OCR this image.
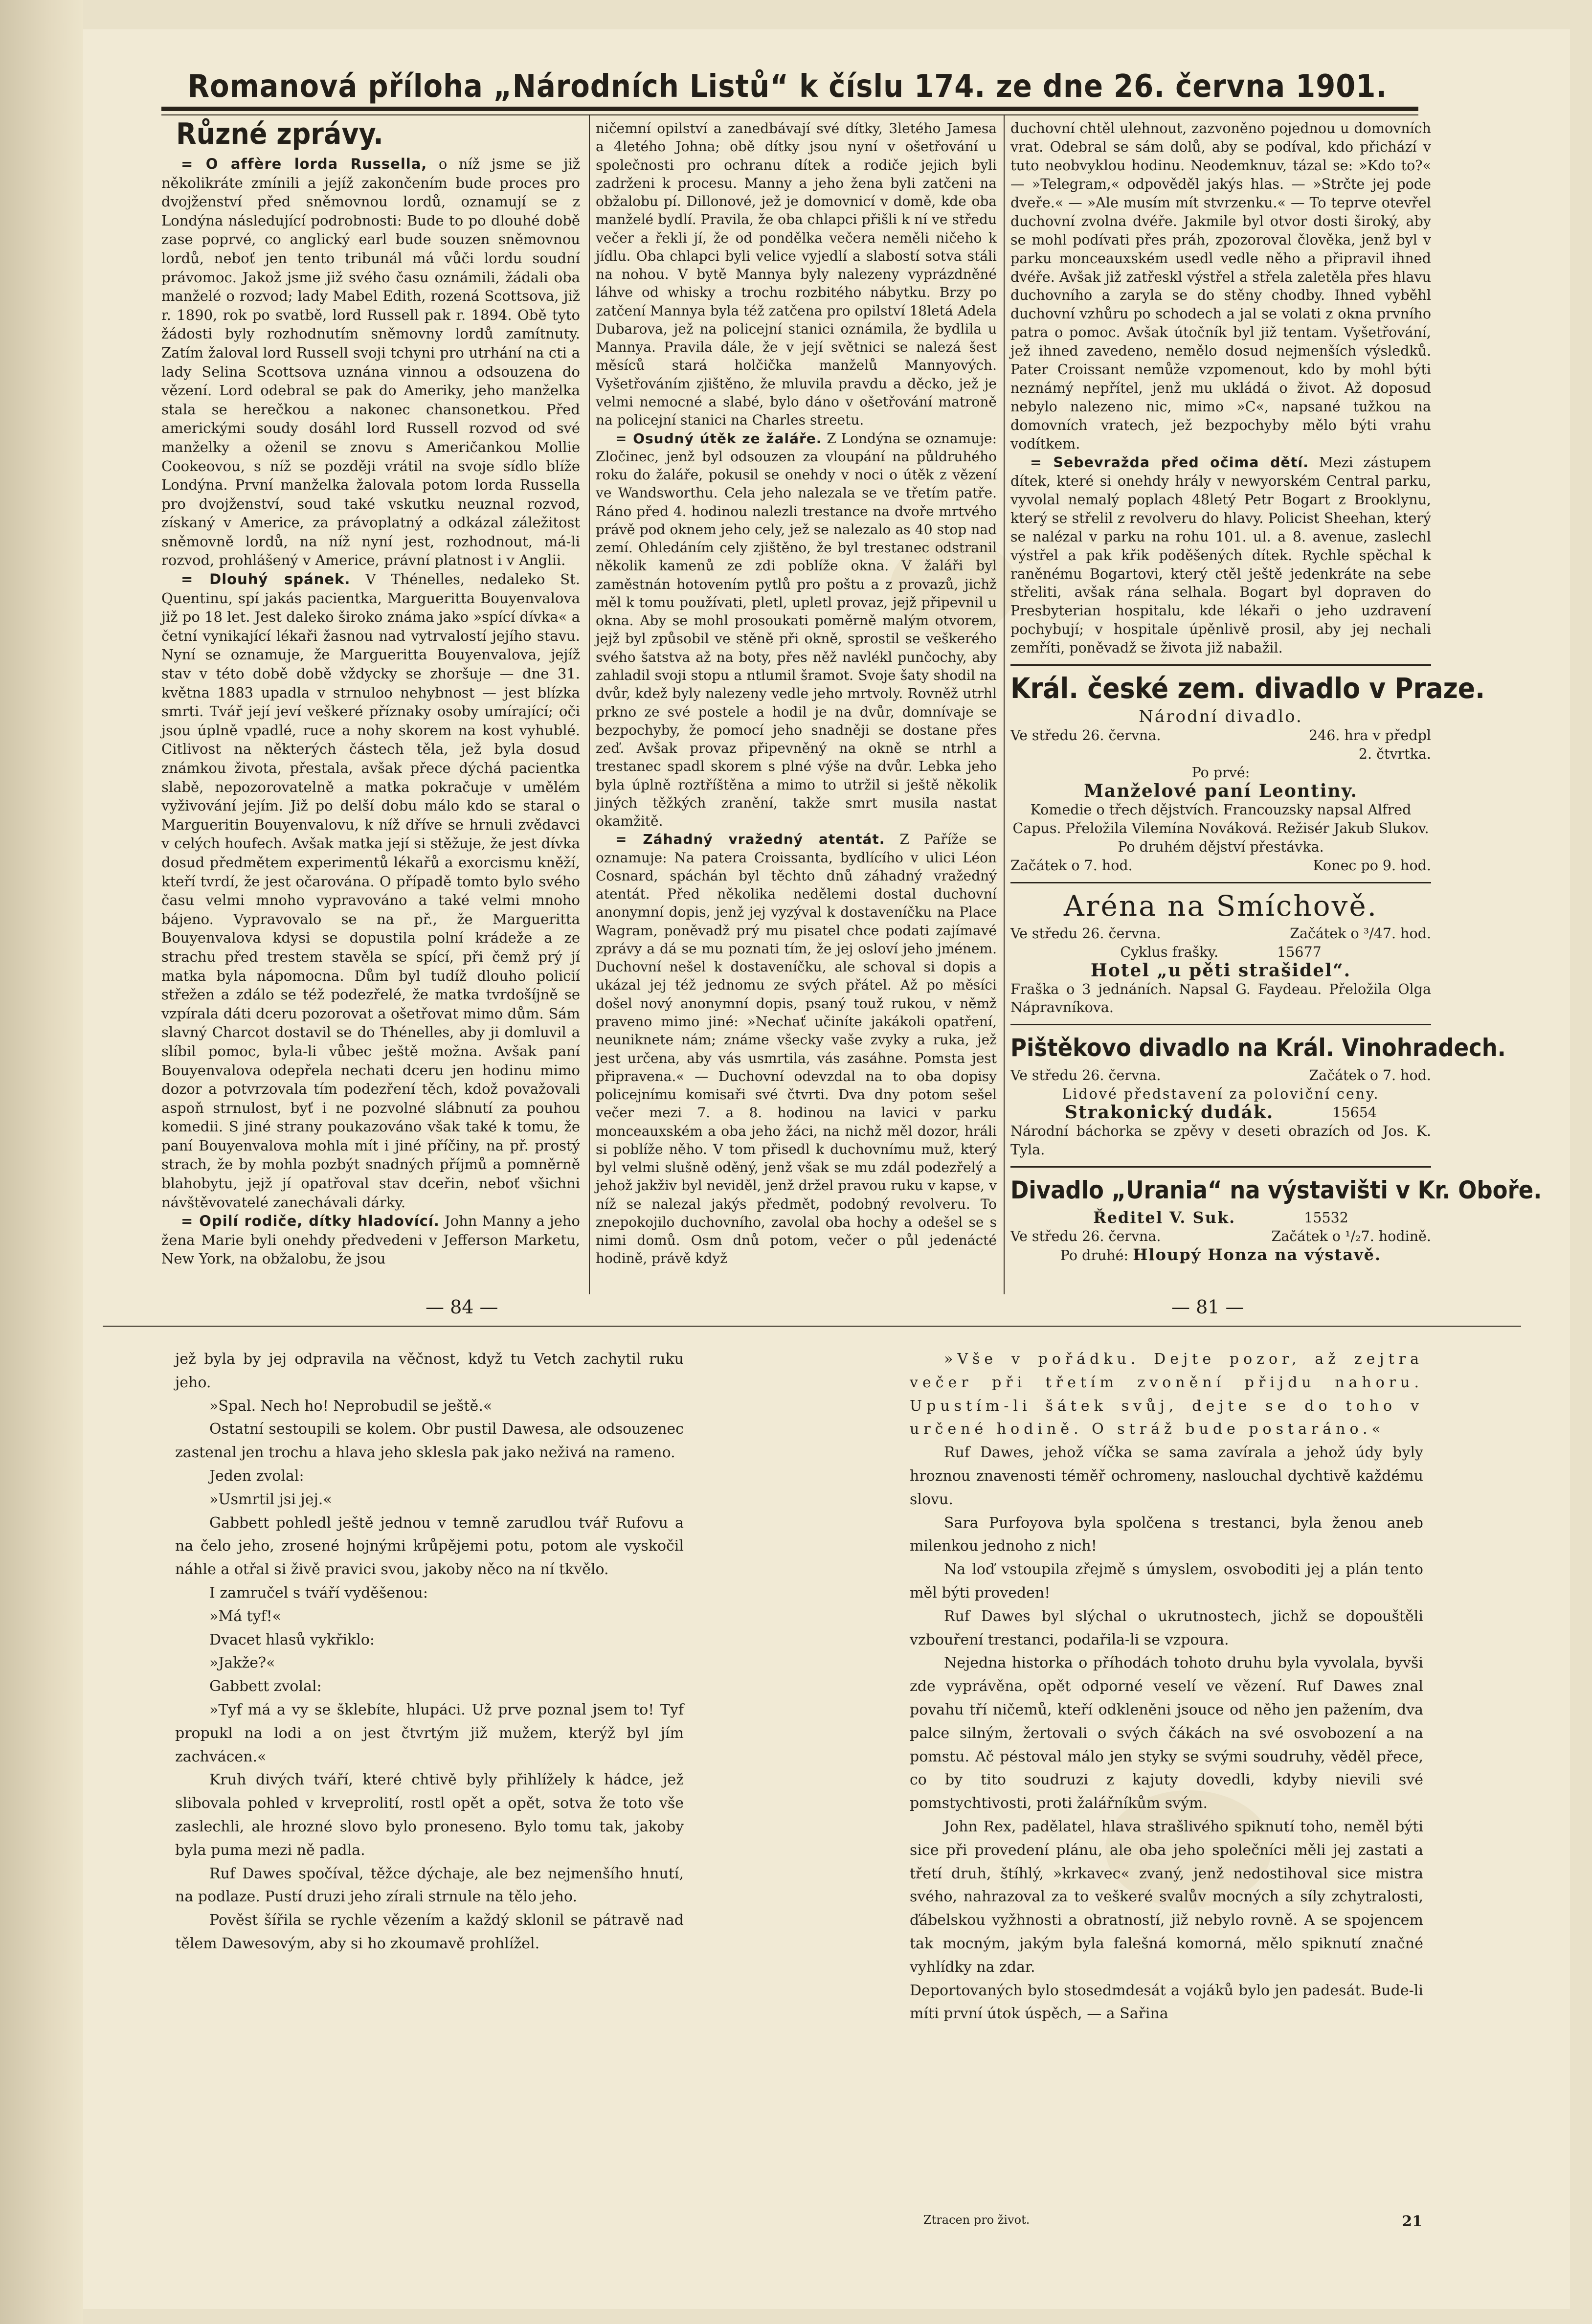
Romanová příloha „Národních Listů“ k číslu 174. ze dne 26. června 1901.
Různé zprávy.

= O affère lorda Russella, o níž jsme se již několikráte zmínili a jejíž zakončením bude proces pro dvojženství před sněmovnou lordů, oznamují se z Londýna následující podrobnosti: Bude to po dlouhé době zase poprvé, co anglický earl bude souzen sněmovnou lordů, neboť jen tento tribunál má vůči lordu soudní právomoc. Jakož jsme již svého času oznámili, žádali oba manželé o rozvod; lady Mabel Edith, rozená Scottsova, již r. 1890, rok po svatbě, lord Russell pak r. 1894. Obě tyto žádosti byly rozhodnutím sněmovny lordů zamítnuty. Zatím žaloval lord Russell svoji tchyni pro utrhání na cti a lady Selina Scottsova uznána vinnou a odsouzena do vězení. Lord odebral se pak do Ameriky, jeho manželka stala se herečkou a nakonec chansonetkou. Před americkými soudy dosáhl lord Russell rozvod od své manželky a oženil se znovu s Američankou Mollie Cookeovou, s níž se později vrátil na svoje sídlo blíže Londýna. První manželka žalovala potom lorda Russella pro dvojženství, soud také vskutku neuznal rozvod, získaný v Americe, za právoplatný a odkázal záležitost sněmovně lordů, na níž nyní jest, rozhodnout, má-li rozvod, prohlášený v Americe, právní platnost i v Anglii.

= Dlouhý spánek. V Thénelles, nedaleko St. Quentinu, spí jakás pacientka, Margueritta Bouyenvalova již po 18 let. Jest daleko široko známa jako »spící dívka« a četní vynikající lékaři žasnou nad vytrvalostí jejího stavu. Nyní se oznamuje, že Margueritta Bouyenvalova, jejíž stav v této době době vždycky se zhoršuje — dne 31. května 1883 upadla v strnuloo nehybnost — jest blízka smrti. Tvář její jeví veškeré příznaky osoby umírající; oči jsou úplně vpadlé, ruce a nohy skorem na kost vyhublé. Citlivost na některých částech těla, jež byla dosud známkou života, přestala, avšak přece dýchá pacientka slabě, nepozorovatelně a matka pokračuje v umělém vyživování jejím. Již po delší dobu málo kdo se staral o Margueritin Bouyenvalovu, k níž dříve se hrnuli zvědavci v celých houfech. Avšak matka její si stěžuje, že jest dívka dosud předmětem experimentů lékařů a exorcismu kněží, kteří tvrdí, že jest očarována. O případě tomto bylo svého času velmi mnoho vypravováno a také velmi mnoho bájeno. Vypravovalo se na př., že Margueritta Bouyenvalova kdysi se dopustila polní krádeže a ze strachu před trestem stavěla se spící, při čemž prý jí matka byla nápomocna. Dům byl tudíž dlouho policií střežen a zdálo se též podezřelé, že matka tvrdošíjně se vzpírala dáti dceru pozorovat a ošetřovat mimo dům. Sám slavný Charcot dostavil se do Thénelles, aby ji domluvil a slíbil pomoc, byla-li vůbec ještě možna. Avšak paní Bouyenvalova odepřela nechati dceru jen hodinu mimo dozor a potvrzovala tím podezření těch, kdož považovali aspoň strnulost, byť i ne pozvolné slábnutí za pouhou komedii. S jiné strany poukazováno však také k tomu, že paní Bouyenvalova mohla mít i jiné příčiny, na př. prostý strach, že by mohla pozbýt snadných příjmů a pomněrně blahobytu, jejž jí opatřoval stav dceřin, neboť všichni návštěvovatelé zanechávali dárky.

= Opilí rodiče, dítky hladovící. John Manny a jeho žena Marie byli onehdy předvedeni v Jefferson Marketu, New York, na obžalobu, že jsou

ničemní opilství a zanedbávají své dítky, 3letého Jamesa a 4letého Johna; obě dítky jsou nyní v ošetřování u společnosti pro ochranu dítek a rodiče jejich byli zadrženi k procesu. Manny a jeho žena byli zatčeni na obžalobu pí. Dillonové, jež je domovnicí v domě, kde oba manželé bydlí. Pravila, že oba chlapci přišli k ní ve středu večer a řekli jí, že od pondělka večera neměli ničeho k jídlu. Oba chlapci byli velice vyjedlí a slabostí sotva stáli na nohou. V bytě Mannya byly nalezeny vyprázdněné láhve od whisky a trochu rozbitého nábytku. Brzy po zatčení Mannya byla též zatčena pro opilství 18letá Adela Dubarova, jež na policejní stanici oznámila, že bydlila u Mannya. Pravila dále, že v její světnici se nalezá šest měsíců stará holčička manželů Mannyových. Vyšetřováním zjištěno, že mluvila pravdu a děcko, jež je velmi nemocné a slabé, bylo dáno v ošetřování matroně na policejní stanici na Charles streetu.

= Osudný útěk ze žaláře. Z Londýna se oznamuje: Zločinec, jenž byl odsouzen za vloupání na půldruhého roku do žaláře, pokusil se onehdy v noci o útěk z vězení ve Wandsworthu. Cela jeho nalezala se ve třetím patře. Ráno před 4. hodinou nalezli trestance na dvoře mrtvého právě pod oknem jeho cely, jež se nalezalo as 40 stop nad zemí. Ohledáním cely zjištěno, že byl trestanec odstranil několik kamenů ze zdi poblíže okna. V žaláři byl zaměstnán hotovením pytlů pro poštu a z provazů, jichž měl k tomu používati, pletl, upletl provaz, jejž připevnil u okna. Aby se mohl prosoukati poměrně malým otvorem, jejž byl způsobil ve stěně při okně, sprostil se veškerého svého šatstva až na boty, přes něž navlékl punčochy, aby zahladil svoji stopu a ntlumil šramot. Svoje šaty shodil na dvůr, kdež byly nalezeny vedle jeho mrtvoly. Rovněž utrhl prkno ze své postele a hodil je na dvůr, domnívaje se bezpochyby, že pomocí jeho snadněji se dostane přes zeď. Avšak provaz připevněný na okně se ntrhl a trestanec spadl skorem s plné výše na dvůr. Lebka jeho byla úplně roztříštěna a mimo to utržil si ještě několik jiných těžkých zranění, takže smrt musila nastat okamžitě.

= Záhadný vražedný atentát. Z Paříže se oznamuje: Na patera Croissanta, bydlícího v ulici Léon Cosnard, spáchán byl těchto dnů záhadný vražedný atentát. Před několika nedělemi dostal duchovní anonymní dopis, jenž jej vyzýval k dostaveníčku na Place Wagram, poněvadž prý mu pisatel chce podati zajímavé zprávy a dá se mu poznati tím, že jej osloví jeho jménem. Duchovní nešel k dostaveníčku, ale schoval si dopis a ukázal jej též jednomu ze svých přátel. Až po měsíci došel nový anonymní dopis, psaný touž rukou, v němž praveno mimo jiné: »Nechať učiníte jakákoli opatření, neuniknete nám; známe všecky vaše zvyky a ruka, jež jest určena, aby vás usmrtila, vás zasáhne. Pomsta jest připravena.« — Duchovní odevzdal na to oba dopisy policejnímu komisaři své čtvrti. Dva dny potom sešel večer mezi 7. a 8. hodinou na lavici v parku monceauxském a oba jeho žáci, na nichž měl dozor, hráli si poblíže něho. V tom přisedl k duchovnímu muž, který byl velmi slušně oděný, jenž však se mu zdál podezřelý a jehož jakživ byl neviděl, jenž držel pravou ruku v kapse, v níž se nalezal jakýs předmět, podobný revolveru. To znepokojilo duchovního, zavolal oba hochy a odešel se s nimi domů. Osm dnů potom, večer o půl jedenácté hodině, právě když

duchovní chtěl ulehnout, zazvoněno pojednou u domovních vrat. Odebral se sám dolů, aby se podíval, kdo přichází v tuto neobvyklou hodinu. Neodemknuv, tázal se: »Kdo to?« — »Telegram,« odpověděl jakýs hlas. — »Strčte jej pode dveře.« — »Ale musím mít stvrzenku.« — To teprve otevřel duchovní zvolna dvéře. Jakmile byl otvor dosti široký, aby se mohl podívati přes práh, zpozoroval člověka, jenž byl v parku monceauxském usedl vedle něho a připravil ihned dvéře. Avšak již zatřeskl výstřel a střela zaletěla přes hlavu duchovního a zaryla se do stěny chodby. Ihned vyběhl duchovní vzhůru po schodech a jal se volati z okna prvního patra o pomoc. Avšak útočník byl již tentam. Vyšetřování, jež ihned zavedeno, nemělo dosud nejmenších výsledků. Pater Croissant nemůže vzpomenout, kdo by mohl býti neznámý nepřítel, jenž mu ukládá o život. Až doposud nebylo nalezeno nic, mimo »C«, napsané tužkou na domovních vratech, jež bezpochyby mělo býti vrahu vodítkem.

= Sebevražda před očima dětí. Mezi zástupem dítek, které si onehdy hrály v newyorském Central parku, vyvolal nemalý poplach 48letý Petr Bogart z Brooklynu, který se střelil z revolveru do hlavy. Policist Sheehan, který se nalézal v parku na rohu 101. ul. a 8. avenue, zaslechl výstřel a pak křik poděšených dítek. Rychle spěchal k raněnému Bogartovi, který ctěl ještě jedenkráte na sebe střeliti, avšak rána selhala. Bogart byl dopraven do Presbyterian hospitalu, kde lékaři o jeho uzdravení pochybují; v hospitale úpěnlivě prosil, aby jej nechali zemříti, poněvadž se života již nabažil.

Král. české zem. divadlo v Praze.
Národní divadlo.
Ve středu 26. června.	246. hra v předpl
2. čtvrtka.
Po prvé:
Manželové paní Leontiny.
Komedie o třech dějstvích. Francouzsky napsal Alfred Capus. Přeložila Vilemína Nováková. Režisér Jakub Slukov.
Po druhém dějství přestávka.
Začátek o 7. hod.	Konec po 9. hod.
Aréna na Smíchově.
Ve středu 26. června.	Začátek o ³/47. hod.
Cyklus frašky.	15677
Hotel „u pěti strašidel“.
Fraška o 3 jednáních. Napsal G. Faydeau. Přeložila Olga Nápravníkova.
Pištěkovo divadlo na Král. Vinohradech.
Ve středu 26. června.	Začátek o 7. hod.
Lidové představení za poloviční ceny.
Strakonický dudák.	15654
Národní báchorka se zpěvy v deseti obrazích od Jos. K. Tyla.
Divadlo „Urania“ na výstavišti v Kr. Oboře.
Ředitel V. Suk.	15532
Ve středu 26. června.	Začátek o ¹/₂7. hodině.
Po druhé: Hloupý Honza na výstavě.
— 84 —	— 81 —

jež byla by jej odpravila na věčnost, když tu Vetch zachytil ruku jeho.

»Spal. Nech ho! Neprobudil se ještě.«

Ostatní sestoupili se kolem. Obr pustil Dawesa, ale odsouzenec zastenal jen trochu a hlava jeho sklesla pak jako neživá na rameno.

Jeden zvolal:

»Usmrtil jsi jej.«

Gabbett pohledl ještě jednou v temně zarudlou tvář Rufovu a na čelo jeho, zrosené hojnými krůpějemi potu, potom ale vyskočil náhle a otřal si živě pravici svou, jakoby něco na ní tkvělo.

I zamručel s tváří vyděšenou:

»Má tyf!«

Dvacet hlasů vykřiklo:

»Jakže?«

Gabbett zvolal:

»Tyf má a vy se šklebíte, hlupáci. Už prve poznal jsem to! Tyf propukl na lodi a on jest čtvrtým již mužem, kterýž byl jím zachvácen.«

Kruh divých tváří, které chtivě byly přihlížely k hádce, jež slibovala pohled v krveprolití, rostl opět a opět, sotva že toto vše zaslechli, ale hrozné slovo bylo proneseno. Bylo tomu tak, jakoby byla puma mezi ně padla.

Ruf Dawes spočíval, těžce dýchaje, ale bez nejmenšího hnutí, na podlaze. Pustí druzi jeho zírali strnule na tělo jeho.

Pověst šířila se rychle vězením a každý sklonil se pátravě nad tělem Dawesovým, aby si ho zkoumavě prohlížel.

»Vše v pořádku. Dejte pozor, až zejtra večer při třetím zvonění přijdu nahoru. Upustím-li šátek svůj, dejte se do toho v určené hodině. O stráž bude postaráno.«

Ruf Dawes, jehož víčka se sama zavírala a jehož údy byly hroznou znavenosti téměř ochromeny, naslouchal dychtivě každému slovu.

Sara Purfoyova byla spolčena s trestanci, byla ženou aneb milenkou jednoho z nich!

Na loď vstoupila zřejmě s úmyslem, osvoboditi jej a plán tento měl býti proveden!

Ruf Dawes byl slýchal o ukrutnostech, jichž se dopouštěli vzbouření trestanci, podařila-li se vzpoura.

Nejedna historka o příhodách tohoto druhu byla vyvolala, byvši zde vyprávěna, opět odporné veselí ve vězení. Ruf Dawes znal povahu tří ničemů, kteří odkleněni jsouce od něho jen pažením, dva palce silným, žertovali o svých čákách na své osvobození a na pomstu. Ač péstoval málo jen styky se svými soudruhy, věděl přece, co by tito soudruzi z kajuty dovedli, kdyby nievili své pomstychtivosti, proti žalářníkům svým.

John Rex, padělatel, hlava strašlivého spiknutí toho, neměl býti sice při provedení plánu, ale oba jeho společníci měli jej zastati a třetí druh, štíhlý, »krkavec« zvaný, jenž nedostihoval sice mistra svého, nahrazoval za to veškeré svalův mocných a síly zchytralosti, ďábelskou vyžhnosti a obratností, již nebylo rovně. A se spojencem tak mocným, jakým byla falešná komorná, mělo spiknutí značné vyhlídky na zdar.

Deportovaných bylo stosedmdesát a vojáků bylo jen padesát. Bude-li míti první útok úspěch, — a Sařina

Ztracen pro život.	21
